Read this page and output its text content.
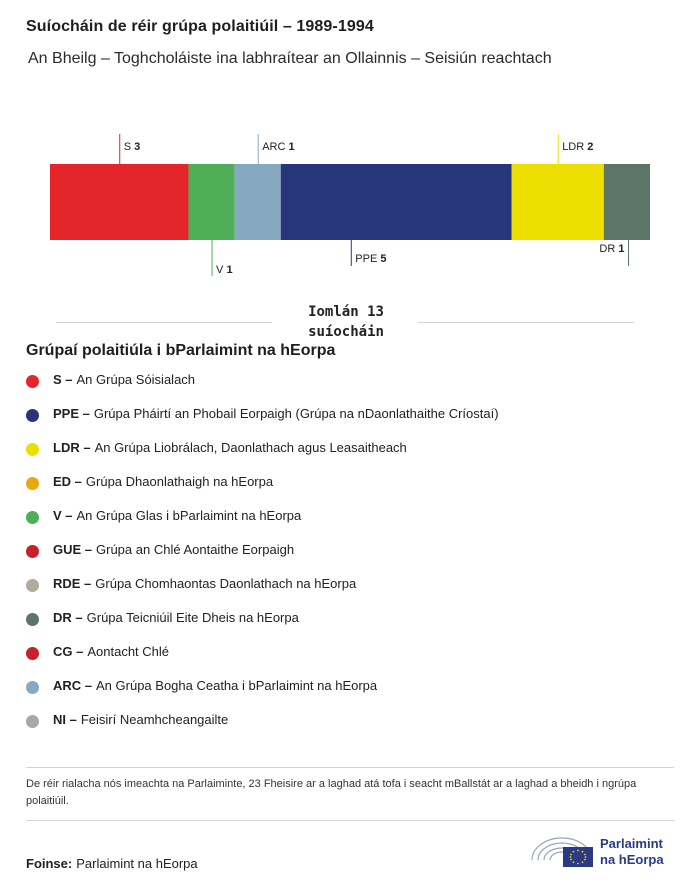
Suíocháin de réir grúpa polaitiúil – 1989-1994
An Bheilg – Toghcholáiste ina labhraítear an Ollainnis – Seisiún reachtach
S 3
V 1
ARC 1
PPE 5
LDR 2
DR 1
Iomlán 13
suíocháin
Grúpaí polaitiúla i bParlaimint na hEorpa
S – An Grúpa Sóisialach
PPE – Grúpa Pháirtí an Phobail Eorpaigh (Grúpa na nDaonlathaithe Críostaí)
LDR – An Grúpa Liobrálach, Daonlathach agus Leasaitheach
ED – Grúpa Dhaonlathaigh na hEorpa
V – An Grúpa Glas i bParlaimint na hEorpa
GUE – Grúpa an Chlé Aontaithe Eorpaigh
RDE – Grúpa Chomhaontas Daonlathach na hEorpa
DR – Grúpa Teicniúil Eite Dheis na hEorpa
CG – Aontacht Chlé
ARC – An Grúpa Bogha Ceatha i bParlaimint na hEorpa
NI – Feisirí Neamhcheangailte
De réir rialacha nós imeachta na Parlaiminte, 23 Fheisire ar a laghad atá tofa i seacht mBallstát ar a laghad a bheidh i ngrúpa polaitiúil.
Foinse: Parlaimint na hEorpa
Parlaimint
na hEorpa
